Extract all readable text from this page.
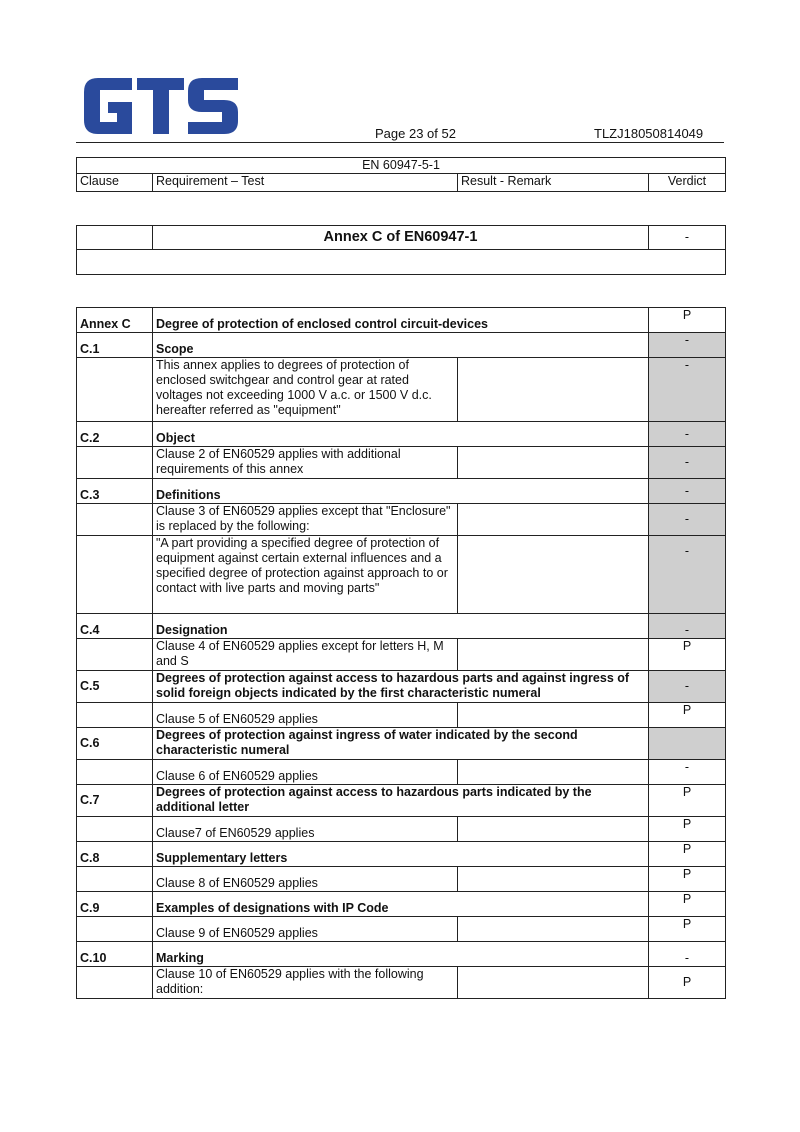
Page 23 of 52	TLZJ18050814049
EN 60947-5-1
Clause	Requirement – Test	Result - Remark	Verdict
	Annex C of EN60947-1	-

Annex C	Degree of protection of enclosed control circuit-devices		P
C.1	Scope		-
	This annex applies to degrees of protection of enclosed switchgear and control gear at rated voltages not exceeding 1000 V a.c. or 1500 V d.c. hereafter referred as "equipment"		-
C.2	Object		-
	Clause 2 of EN60529 applies with additional requirements of this annex		-
C.3	Definitions		-
	Clause 3 of EN60529 applies except that "Enclosure" is replaced by the following:		-
	"A part providing a specified degree of protection of equipment against certain external influences and a specified degree of protection against approach to or contact with live parts and moving parts"		-
C.4	Designation		-
	Clause 4 of EN60529 applies except for letters H, M and S		P
C.5	Degrees of protection against access to hazardous parts and against ingress of solid foreign objects indicated by the first characteristic numeral		-
	Clause 5 of EN60529 applies		P
C.6	Degrees of protection against ingress of water indicated by the second characteristic numeral		
	Clause 6 of EN60529 applies		-
C.7	Degrees of protection against access to hazardous parts indicated by the additional letter		P
	Clause7 of EN60529 applies		P
C.8	Supplementary letters		P
	Clause 8 of EN60529 applies		P
C.9	Examples of designations with IP Code		P
	Clause 9 of EN60529 applies		P
C.10	Marking		-
	Clause 10 of EN60529 applies with the following addition:		P
